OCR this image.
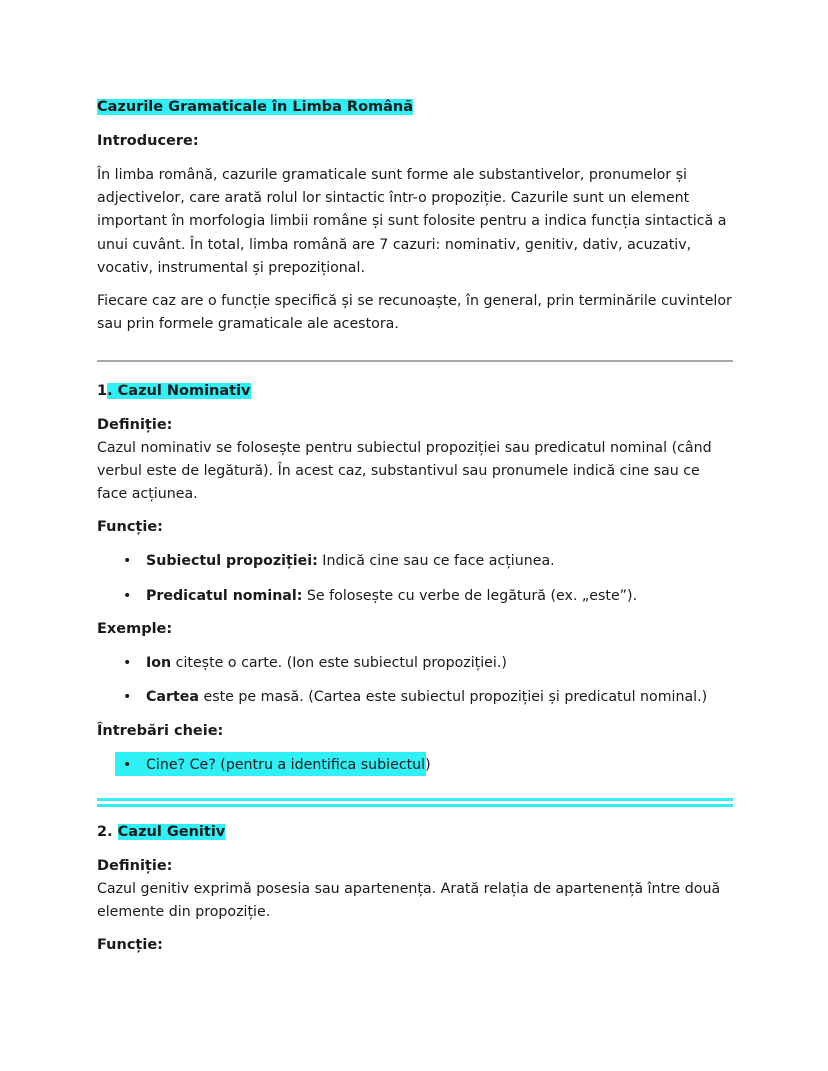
Cazurile Gramaticale în Limba Română
Introducere:
În limba română, cazurile gramaticale sunt forme ale substantivelor, pronumelor și adjectivelor, care arată rolul lor sintactic într-o propoziție. Cazurile sunt un element important în morfologia limbii române și sunt folosite pentru a indica funcția sintactică a unui cuvânt. În total, limba română are 7 cazuri: nominativ, genitiv, dativ, acuzativ, vocativ, instrumental și prepozițional.
Fiecare caz are o funcție specifică și se recunoaște, în general, prin terminările cuvintelor sau prin formele gramaticale ale acestora.
1. Cazul Nominativ
Definiție:
Cazul nominativ se folosește pentru subiectul propoziției sau predicatul nominal (când verbul este de legătură). În acest caz, substantivul sau pronumele indică cine sau ce face acțiunea.
Funcție:
• Subiectul propoziției: Indică cine sau ce face acțiunea.
• Predicatul nominal: Se folosește cu verbe de legătură (ex. „este”).
Exemple:
• Ion citește o carte. (Ion este subiectul propoziției.)
• Cartea este pe masă. (Cartea este subiectul propoziției și predicatul nominal.)
Întrebări cheie:
• Cine? Ce? (pentru a identifica subiectul)
2. Cazul Genitiv
Definiție:
Cazul genitiv exprimă posesia sau apartenența. Arată relația de apartenență între două elemente din propoziție.
Funcție:
